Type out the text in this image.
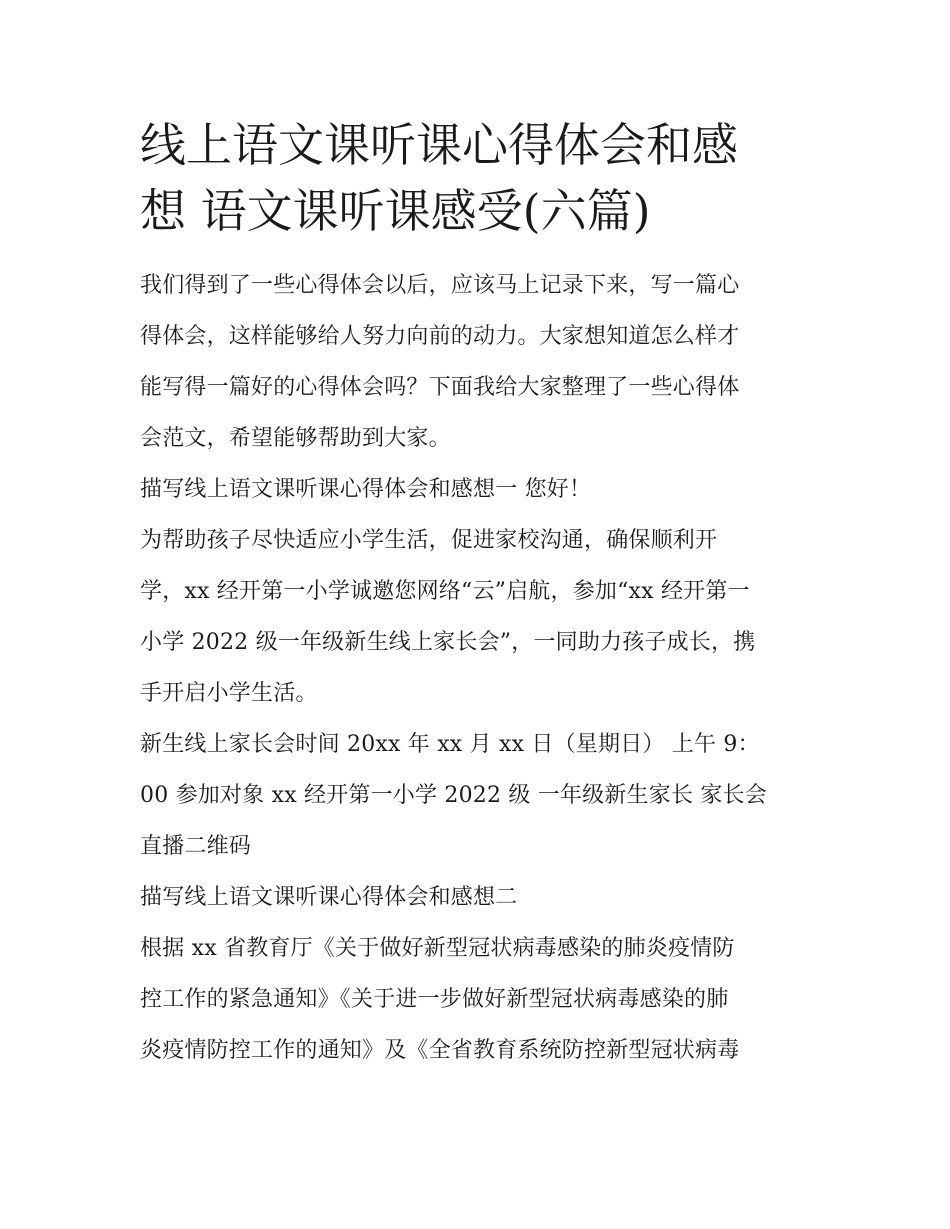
线上语文课听课心得体会和感
想 语文课听课感受(六篇)

我们得到了一些心得体会以后，应该马上记录下来，写一篇心
得体会，这样能够给人努力向前的动力。大家想知道怎么样才
能写得一篇好的心得体会吗？下面我给大家整理了一些心得体
会范文，希望能够帮助到大家。

描写线上语文课听课心得体会和感想一 您好！

为帮助孩子尽快适应小学生活，促进家校沟通，确保顺利开
学，xx 经开第一小学诚邀您网络“云”启航，参加“xx 经开第一
小学 2022 级一年级新生线上家长会”，一同助力孩子成长，携
手开启小学生活。

新生线上家长会时间 20xx 年 xx 月 xx 日（星期日） 上午 9：
00 参加对象 xx 经开第一小学 2022 级 一年级新生家长 家长会
直播二维码

描写线上语文课听课心得体会和感想二

根据 xx 省教育厅《关于做好新型冠状病毒感染的肺炎疫情防
控工作的紧急通知》《关于进一步做好新型冠状病毒感染的肺
炎疫情防控工作的通知》及《全省教育系统防控新型冠状病毒
